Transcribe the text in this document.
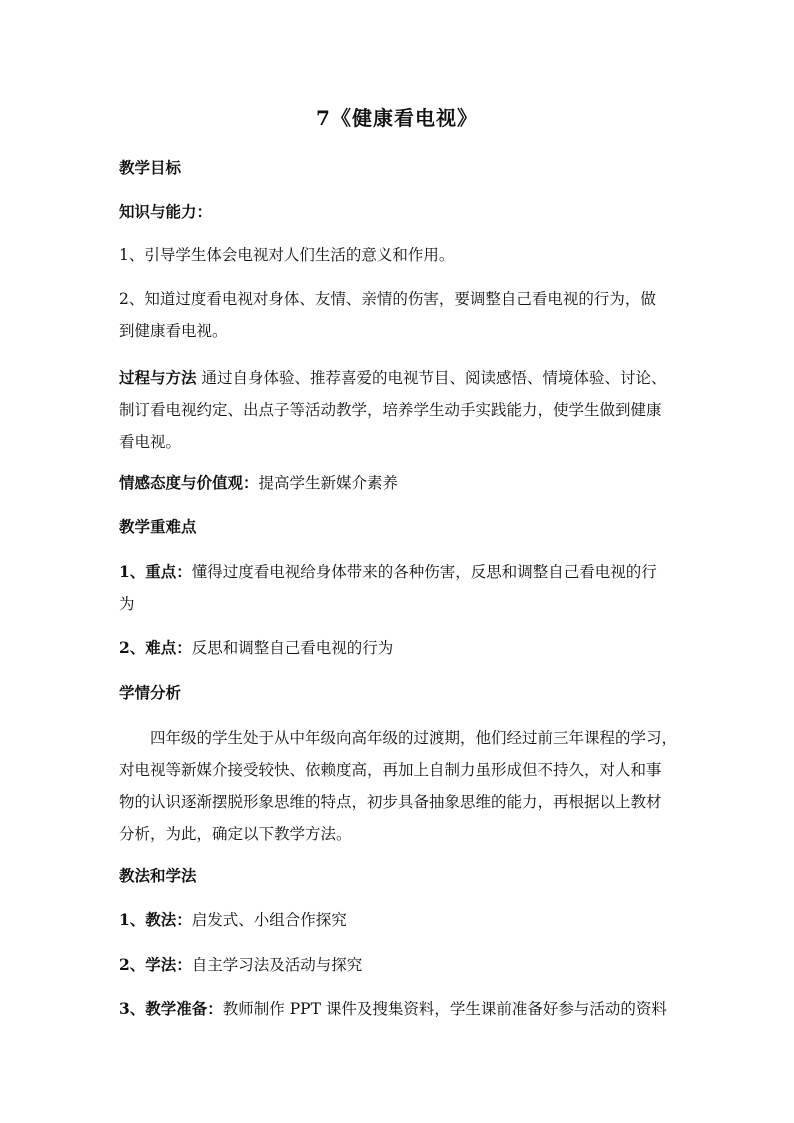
7《健康看电视》
教学目标
知识与能力：
1、引导学生体会电视对人们生活的意义和作用。
2、知道过度看电视对身体、友情、亲情的伤害，要调整自己看电视的行为，做
到健康看电视。
过程与方法 通过自身体验、推荐喜爱的电视节目、阅读感悟、情境体验、讨论、
制订看电视约定、出点子等活动教学，培养学生动手实践能力，使学生做到健康
看电视。
情感态度与价值观：提高学生新媒介素养
教学重难点
1、重点：懂得过度看电视给身体带来的各种伤害，反思和调整自己看电视的行
为
2、难点：反思和调整自己看电视的行为
学情分析
四年级的学生处于从中年级向高年级的过渡期，他们经过前三年课程的学习，
对电视等新媒介接受较快、依赖度高，再加上自制力虽形成但不持久，对人和事
物的认识逐渐摆脱形象思维的特点，初步具备抽象思维的能力，再根据以上教材
分析，为此，确定以下教学方法。
教法和学法
1、教法：启发式、小组合作探究
2、学法：自主学习法及活动与探究
3、教学准备：教师制作 PPT 课件及搜集资料，学生课前准备好参与活动的资料
